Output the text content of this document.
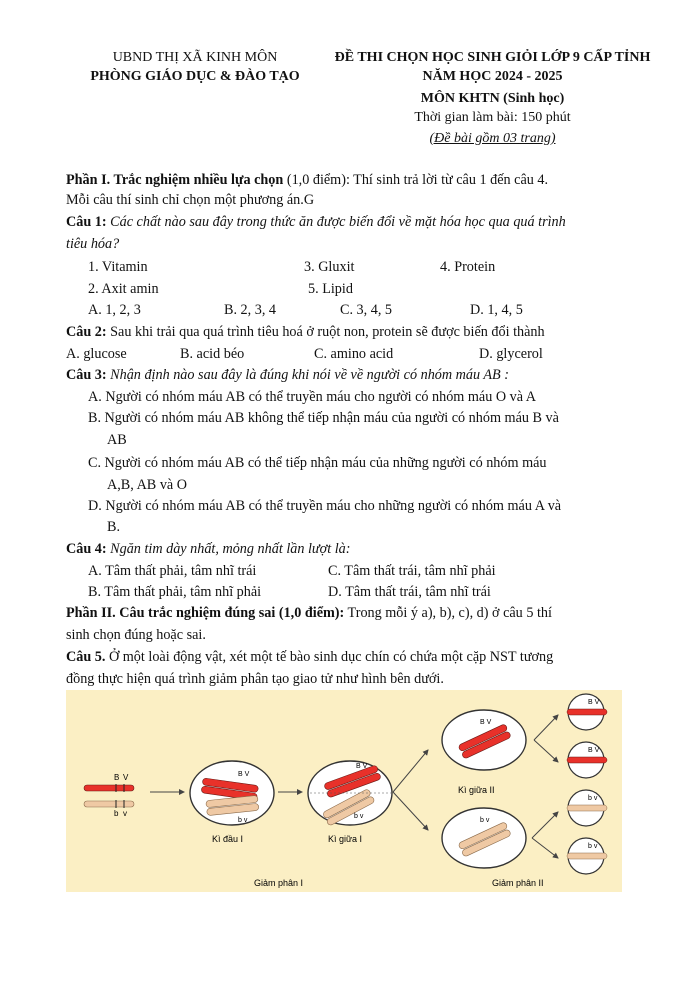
UBND THỊ XÃ KINH MÔN
PHÒNG GIÁO DỤC & ĐÀO TẠO
ĐỀ THI CHỌN HỌC SINH GIỎI LỚP 9 CẤP TỈNH
NĂM HỌC 2024 - 2025
MÔN KHTN (Sinh học)
Thời gian làm bài: 150 phút
(Đề bài gồm 03 trang)
Phần I. Trắc nghiệm nhiều lựa chọn (1,0 điểm): Thí sinh trả lời từ câu 1 đến câu 4.
Mỗi câu thí sinh chỉ chọn một phương án.G
Câu 1: Các chất nào sau đây trong thức ăn được biến đổi về mặt hóa học qua quá trình
tiêu hóa?
1. Vitamin	3. Gluxit	4. Protein
2. Axit amin	5. Lipid
A. 1, 2, 3	B. 2, 3, 4	C. 3, 4, 5	D. 1, 4, 5
Câu 2: Sau khi trải qua quá trình tiêu hoá ở ruột non, protein sẽ được biến đổi thành
A. glucose	B. acid béo	C. amino acid	D. glycerol
Câu 3: Nhận định nào sau đây là đúng khi nói về về người có nhóm máu AB :
A. Người có nhóm máu AB có thể truyền máu cho người có nhóm máu O và A
B. Người có nhóm máu AB không thể tiếp nhận máu của người có nhóm máu B và
AB
C. Người có nhóm máu AB có thể tiếp nhận máu của những người có nhóm máu
A,B, AB và O
D. Người có nhóm máu AB có thể truyền máu cho những người có nhóm máu A và
B.
Câu 4: Ngăn tim dày nhất, mỏng nhất lần lượt là:
A. Tâm thất phải, tâm nhĩ trái	C. Tâm thất trái, tâm nhĩ phải
B. Tâm thất phải, tâm nhĩ phải	D. Tâm thất trái, tâm nhĩ trái
Phần II. Câu trắc nghiệm đúng sai (1,0 điểm): Trong mỗi ý a), b), c), d) ở câu 5 thí
sinh chọn đúng hoặc sai.
Câu 5. Ở một loài động vật, xét một tế bào sinh dục chín có chứa một cặp NST tương
đồng thực hiện quá trình giảm phân tạo giao tử như hình bên dưới.
B V
b v
B V
b v
Kì đầu I
B V
b v
Kì giữa I
B V
b v
Kì giữa II
B V
B V
b v
b v
Giảm phân I	Giảm phân II
